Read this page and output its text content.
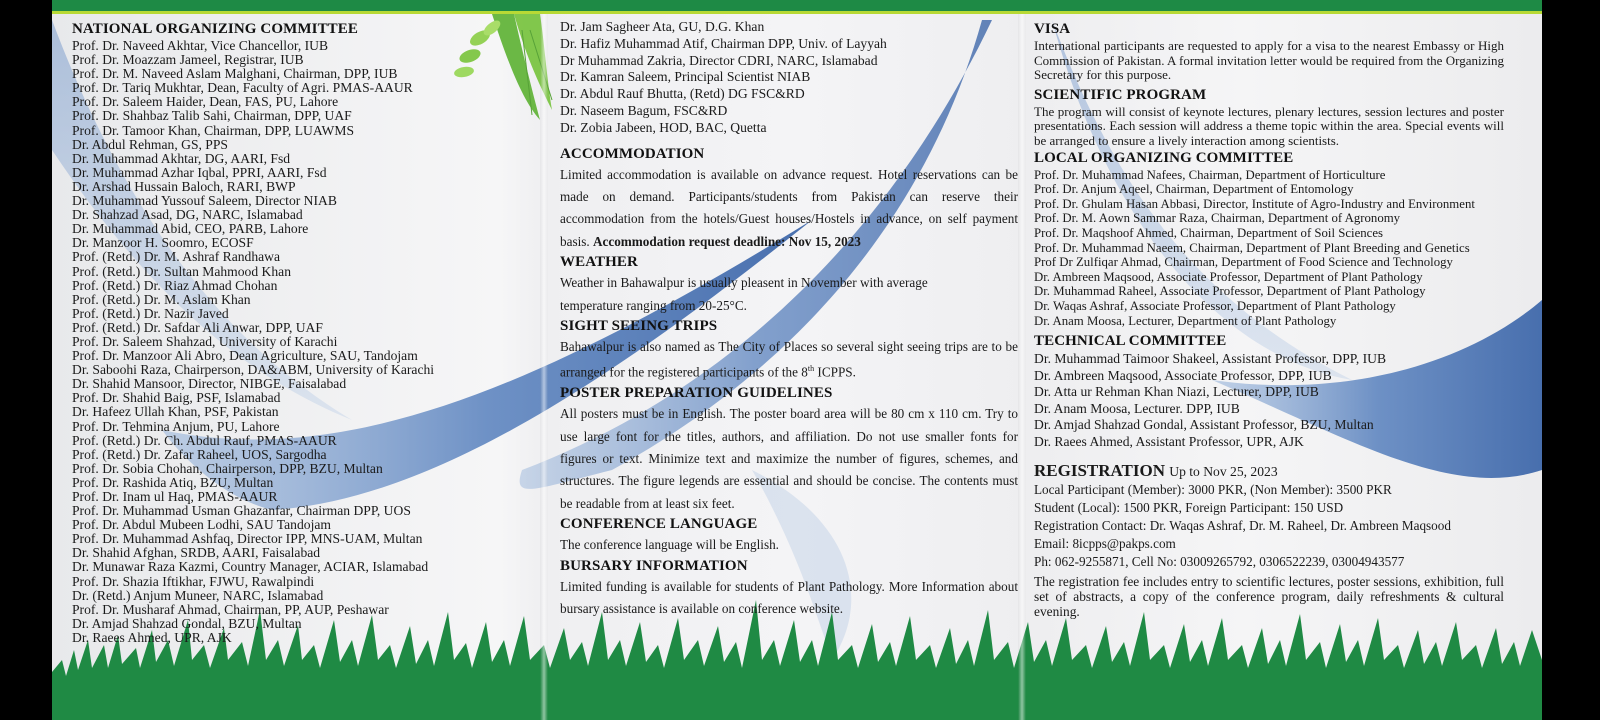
NATIONAL ORGANIZING COMMITTEE
Prof. Dr. Naveed Akhtar, Vice Chancellor, IUB
Prof. Dr. Moazzam Jameel, Registrar, IUB
Prof. Dr. M. Naveed Aslam Malghani, Chairman, DPP, IUB
Prof. Dr. Tariq Mukhtar, Dean, Faculty of Agri. PMAS-AAUR
Prof. Dr. Saleem Haider, Dean, FAS, PU, Lahore
Prof. Dr. Shahbaz Talib Sahi, Chairman, DPP, UAF
Prof. Dr. Tamoor Khan, Chairman, DPP, LUAWMS
Dr. Abdul Rehman, GS, PPS
Dr. Muhammad Akhtar, DG, AARI, Fsd
Dr. Muhammad Azhar Iqbal, PPRI, AARI, Fsd
Dr. Arshad Hussain Baloch, RARI, BWP
Dr. Muhammad Yussouf Saleem, Director NIAB
Dr. Shahzad Asad, DG, NARC, Islamabad
Dr. Muhammad Abid, CEO, PARB, Lahore
Dr. Manzoor H. Soomro, ECOSF
Prof. (Retd.) Dr. M. Ashraf Randhawa
Prof. (Retd.) Dr. Sultan Mahmood Khan
Prof. (Retd.) Dr. Riaz Ahmad Chohan
Prof. (Retd.) Dr. M. Aslam Khan
Prof. (Retd.) Dr. Nazir Javed
Prof. (Retd.) Dr. Safdar Ali Anwar, DPP, UAF
Prof. Dr. Saleem Shahzad, University of Karachi
Prof. Dr. Manzoor Ali Abro, Dean Agriculture, SAU, Tandojam
Dr. Saboohi Raza, Chairperson, DA&ABM, University of Karachi
Dr. Shahid Mansoor, Director, NIBGE, Faisalabad
Prof. Dr. Shahid Baig, PSF, Islamabad
Dr. Hafeez Ullah Khan, PSF, Pakistan
Prof. Dr. Tehmina Anjum, PU, Lahore
Prof. (Retd.) Dr. Ch. Abdul Rauf, PMAS-AAUR
Prof. (Retd.) Dr. Zafar Raheel, UOS, Sargodha
Prof. Dr. Sobia Chohan, Chairperson, DPP, BZU, Multan
Prof. Dr. Rashida Atiq, BZU, Multan
Prof. Dr. Inam ul Haq, PMAS-AAUR
Prof. Dr. Muhammad Usman Ghazanfar, Chairman DPP, UOS
Prof. Dr. Abdul Mubeen Lodhi, SAU Tandojam
Prof. Dr. Muhammad Ashfaq, Director IPP, MNS-UAM, Multan
Dr. Shahid Afghan, SRDB, AARI, Faisalabad
Dr. Munawar Raza Kazmi, Country Manager, ACIAR, Islamabad
Prof. Dr. Shazia Iftikhar, FJWU, Rawalpindi
Dr. (Retd.) Anjum Muneer, NARC, Islamabad
Prof. Dr. Musharaf Ahmad, Chairman, PP, AUP, Peshawar
Dr. Amjad Shahzad Gondal, BZU, Multan
Dr. Raees Ahmed, UPR, AJK
Dr. Jam Sagheer Ata, GU, D.G. Khan
Dr. Hafiz Muhammad Atif, Chairman DPP, Univ. of Layyah
Dr Muhammad Zakria, Director CDRI, NARC, Islamabad
Dr. Kamran Saleem, Principal Scientist NIAB
Dr. Abdul Rauf Bhutta, (Retd) DG FSC&RD
Dr. Naseem Bagum, FSC&RD
Dr. Zobia Jabeen, HOD, BAC, Quetta
ACCOMMODATION

Limited accommodation is available on advance request. Hotel reservations can be made on demand. Participants/students from Pakistan can reserve their accommodation from the hotels/Guest houses/Hostels in advance, on self payment basis. Accommodation request deadline: Nov 15, 2023

WEATHER

Weather in Bahawalpur is usually pleasent in November with average

temperature ranging from 20-25°C.

SIGHT SEEING TRIPS

Bahawalpur is also named as The City of Places so several sight seeing trips are to be arranged for the registered participants of the 8th ICPPS.

POSTER PREPARATION GUIDELINES

All posters must be in English. The poster board area will be 80 cm x 110 cm. Try to use large font for the titles, authors, and affiliation. Do not use smaller fonts for figures or text. Minimize text and maximize the number of figures, schemes, and structures. The figure legends are essential and should be concise. The contents must be readable from at least six feet.

CONFERENCE LANGUAGE

The conference language will be English.

BURSARY INFORMATION

Limited funding is available for students of Plant Pathology. More Information about bursary assistance is available on conference website.

VISA

International participants are requested to apply for a visa to the nearest Embassy or High Commission of Pakistan. A formal invitation letter would be required from the Organizing Secretary for this purpose.

SCIENTIFIC PROGRAM

The program will consist of keynote lectures, plenary lectures, session lectures and poster presentations. Each session will address a theme topic within the area. Special events will be arranged to ensure a lively interaction among scientists.

LOCAL ORGANIZING COMMITTEE
Prof. Dr. Muhammad Nafees, Chairman, Department of Horticulture
Prof. Dr. Anjum Aqeel, Chairman, Department of Entomology
Prof. Dr. Ghulam Hasan Abbasi, Director, Institute of Agro-Industry and Environment
Prof. Dr. M. Aown Sammar Raza, Chairman, Department of Agronomy
Prof. Dr. Maqshoof Ahmed, Chairman, Department of Soil Sciences
Prof. Dr. Muhammad Naeem, Chairman, Department of Plant Breeding and Genetics
Prof Dr Zulfiqar Ahmad, Chairman, Department of Food Science and Technology
Dr. Ambreen Maqsood, Associate Professor, Department of Plant Pathology
Dr. Muhammad Raheel, Associate Professor, Department of Plant Pathology
Dr. Waqas Ashraf, Associate Professor, Department of Plant Pathology
Dr. Anam Moosa, Lecturer, Department of Plant Pathology
TECHNICAL COMMITTEE
Dr. Muhammad Taimoor Shakeel, Assistant Professor, DPP, IUB
Dr. Ambreen Maqsood, Associate Professor, DPP, IUB
Dr. Atta ur Rehman Khan Niazi, Lecturer, DPP, IUB
Dr. Anam Moosa, Lecturer. DPP, IUB
Dr. Amjad Shahzad Gondal, Assistant Professor, BZU, Multan
Dr. Raees Ahmed, Assistant Professor, UPR, AJK
REGISTRATION Up to Nov 25, 2023

Local Participant (Member): 3000 PKR, (Non Member): 3500 PKR

Student (Local): 1500 PKR, Foreign Participant: 150 USD

Registration Contact: Dr. Waqas Ashraf, Dr. M. Raheel, Dr. Ambreen Maqsood

Email: 8icpps@pakps.com

Ph: 062-9255871, Cell No: 03009265792, 0306522239, 03004943577

The registration fee includes entry to scientific lectures, poster sessions, exhibition, full set of abstracts, a copy of the conference program, daily refreshments & cultural evening.
